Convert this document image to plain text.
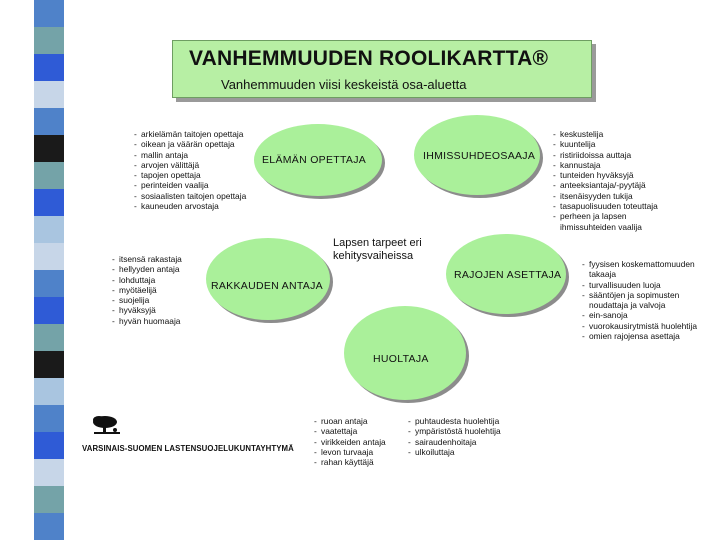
VANHEMMUUDEN ROOLIKARTTA®
Vanhemmuuden viisi keskeistä osa-aluetta
ELÄMÄN OPETTAJA	IHMISSUHDEOSAAJA
RAKKAUDEN ANTAJA
RAJOJEN ASETTAJA
HUOLTAJA
Lapsen tarpeet eri
kehitysvaiheissa
- arkielämän taitojen opettaja
- oikean ja väärän opettaja
- mallin antaja
- arvojen välittäjä
- tapojen opettaja
- perinteiden vaalija
- sosiaalisten taitojen opettaja
- kauneuden arvostaja
- keskustelija
- kuuntelija
- ristiriidoissa auttaja
- kannustaja
- tunteiden hyväksyjä
- anteeksiantaja/-pyytäjä
- itsenäisyyden tukija
- tasapuolisuuden toteuttaja
- perheen ja lapsen
ihmissuhteiden vaalija
- itsensä rakastaja
- hellyyden antaja
- lohduttaja
- myötäelijä
- suojelija
- hyväksyjä
- hyvän huomaaja
- fyysisen koskemattomuuden
takaaja
- turvallisuuden luoja
- sääntöjen ja sopimusten
noudattaja ja valvoja
- ein-sanoja
- vuorokausirytmistä huolehtija
- omien rajojensa asettaja
- ruoan antaja
- vaatettaja
- virikkeiden antaja
- levon turvaaja
- rahan käyttäjä
- puhtaudesta huolehtija
- ympäristöstä huolehtija
- sairaudenhoitaja
- ulkoiluttaja
VARSINAIS-SUOMEN LASTENSUOJELUKUNTAYHTYMÄ
